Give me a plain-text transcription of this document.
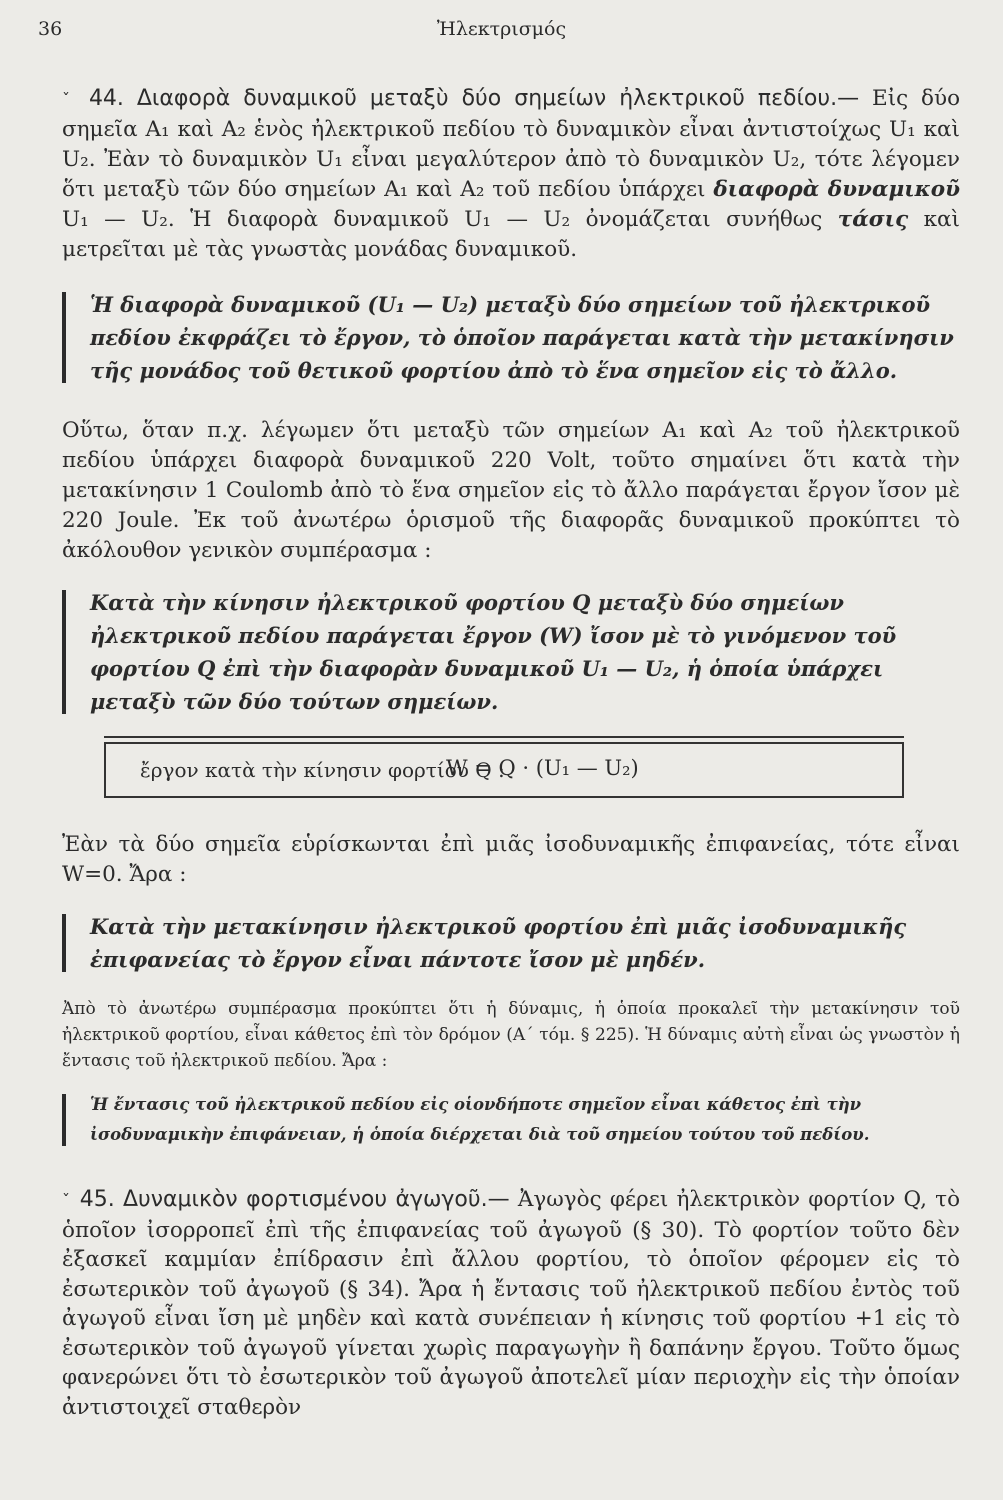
36	Ἠλεκτρισμός
ˇ 44. Διαφορὰ δυναμικοῦ μεταξὺ δύο σημείων ἠλεκτρικοῦ πεδίου.— Εἰς δύο σημεῖα A₁ καὶ A₂ ἑνὸς ἠλεκτρικοῦ πεδίου τὸ δυναμικὸν εἶναι ἀντιστοίχως U₁ καὶ U₂. Ἐὰν τὸ δυναμικὸν U₁ εἶναι μεγαλύτερον ἀπὸ τὸ δυναμικὸν U₂, τότε λέγομεν ὅτι μεταξὺ τῶν δύο σημείων A₁ καὶ A₂ τοῦ πεδίου ὑπάρχει διαφορὰ δυναμικοῦ U₁ — U₂. Ἡ διαφορὰ δυναμικοῦ U₁ — U₂ ὀνομάζεται συνήθως τάσις καὶ μετρεῖται μὲ τὰς γνωστὰς μονάδας δυναμικοῦ.
Ἡ διαφορὰ δυναμικοῦ (U₁ — U₂) μεταξὺ δύο σημείων τοῦ ἠλεκτρικοῦ πεδίου ἐκφράζει τὸ ἔργον, τὸ ὁποῖον παράγεται κατὰ τὴν μετακίνησιν τῆς μονάδος τοῦ θετικοῦ φορτίου ἀπὸ τὸ ἕνα σημεῖον εἰς τὸ ἄλλο.
Οὕτω, ὅταν π.χ. λέγωμεν ὅτι μεταξὺ τῶν σημείων A₁ καὶ A₂ τοῦ ἠλεκτρικοῦ πεδίου ὑπάρχει διαφορὰ δυναμικοῦ 220 Volt, τοῦτο σημαίνει ὅτι κατὰ τὴν μετακίνησιν 1 Coulomb ἀπὸ τὸ ἕνα σημεῖον εἰς τὸ ἄλλο παράγεται ἔργον ἴσον μὲ 220 Joule. Ἐκ τοῦ ἀνωτέρω ὁρισμοῦ τῆς διαφορᾶς δυναμικοῦ προκύπτει τὸ ἀκόλουθον γενικὸν συμπέρασμα :
Κατὰ τὴν κίνησιν ἠλεκτρικοῦ φορτίου Q μεταξὺ δύο σημείων ἠλεκτρικοῦ πεδίου παράγεται ἔργον (W) ἴσον μὲ τὸ γινόμενον τοῦ φορτίου Q ἐπὶ τὴν διαφορὰν δυναμικοῦ U₁ — U₂, ἡ ὁποία ὑπάρχει μεταξὺ τῶν δύο τούτων σημείων.
ἔργον κατὰ τὴν κίνησιν φορτίου Q :
W = Q · (U₁ — U₂)
Ἐὰν τὰ δύο σημεῖα εὑρίσκωνται ἐπὶ μιᾶς ἰσοδυναμικῆς ἐπιφανείας, τότε εἶναι W=0. Ἄρα :
Κατὰ τὴν μετακίνησιν ἠλεκτρικοῦ φορτίου ἐπὶ μιᾶς ἰσοδυναμικῆς ἐπιφανείας τὸ ἔργον εἶναι πάντοτε ἴσον μὲ μηδέν.
Ἀπὸ τὸ ἀνωτέρω συμπέρασμα προκύπτει ὅτι ἡ δύναμις, ἡ ὁποία προκαλεῖ τὴν μετακίνησιν τοῦ ἠλεκτρικοῦ φορτίου, εἶναι κάθετος ἐπὶ τὸν δρόμον (Α΄ τόμ. § 225). Ἡ δύναμις αὐτὴ εἶναι ὡς γνωστὸν ἡ ἔντασις τοῦ ἠλεκτρικοῦ πεδίου. Ἄρα :
Ἡ ἔντασις τοῦ ἠλεκτρικοῦ πεδίου εἰς οἱονδήποτε σημεῖον εἶναι κάθετος ἐπὶ τὴν ἰσοδυναμικὴν ἐπιφάνειαν, ἡ ὁποία διέρχεται διὰ τοῦ σημείου τούτου τοῦ πεδίου.
ˇ 45. Δυναμικὸν φορτισμένου ἀγωγοῦ.— Ἀγωγὸς φέρει ἠλεκτρικὸν φορτίον Q, τὸ ὁποῖον ἰσορροπεῖ ἐπὶ τῆς ἐπιφανείας τοῦ ἀγωγοῦ (§ 30). Τὸ φορτίον τοῦτο δὲν ἐξασκεῖ καμμίαν ἐπίδρασιν ἐπὶ ἄλλου φορτίου, τὸ ὁποῖον φέρομεν εἰς τὸ ἐσωτερικὸν τοῦ ἀγωγοῦ (§ 34). Ἄρα ἡ ἔντασις τοῦ ἠλεκτρικοῦ πεδίου ἐντὸς τοῦ ἀγωγοῦ εἶναι ἴση μὲ μηδὲν καὶ κατὰ συνέπειαν ἡ κίνησις τοῦ φορτίου +1 εἰς τὸ ἐσωτερικὸν τοῦ ἀγωγοῦ γίνεται χωρὶς παραγωγὴν ἢ δαπάνην ἔργου. Τοῦτο ὅμως φανερώνει ὅτι τὸ ἐσωτερικὸν τοῦ ἀγωγοῦ ἀποτελεῖ μίαν περιοχὴν εἰς τὴν ὁποίαν ἀντιστοιχεῖ σταθερὸν
